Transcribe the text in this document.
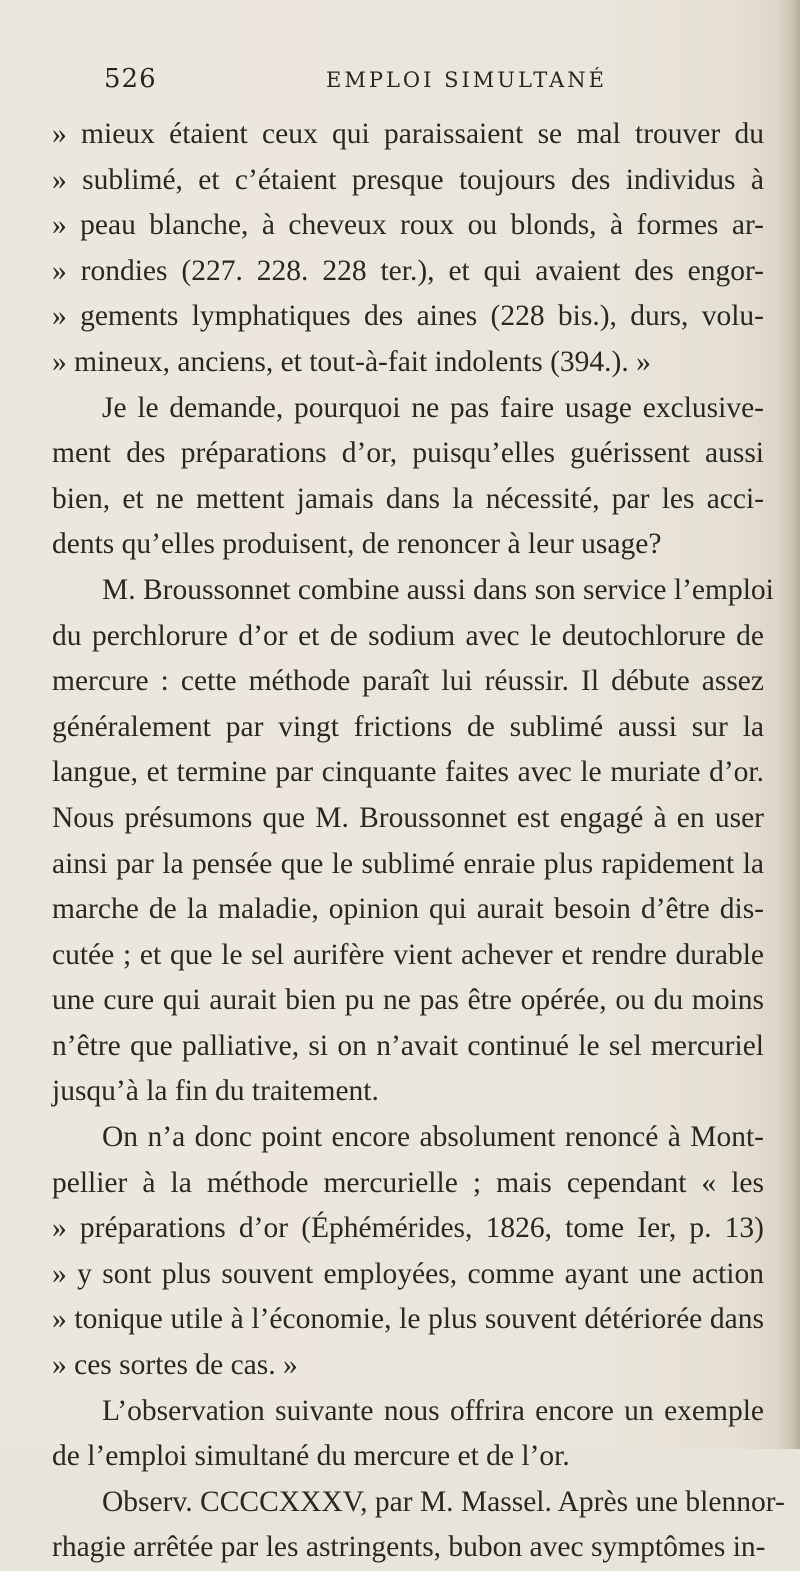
526	EMPLOI SIMULTANÉ
» mieux étaient ceux qui paraissaient se mal trouver du
» sublimé, et c’étaient presque toujours des individus à
» peau blanche, à cheveux roux ou blonds, à formes ar-
» rondies (227. 228. 228 ter.), et qui avaient des engor-
» gements lymphatiques des aines (228 bis.), durs, volu-
» mineux, anciens, et tout-à-fait indolents (394.). »
Je le demande, pourquoi ne pas faire usage exclusive-
ment des préparations d’or, puisqu’elles guérissent aussi
bien, et ne mettent jamais dans la nécessité, par les acci-
dents qu’elles produisent, de renoncer à leur usage?
M. Broussonnet combine aussi dans son service l’emploi
du perchlorure d’or et de sodium avec le deutochlorure de
mercure : cette méthode paraît lui réussir. Il débute assez
généralement par vingt frictions de sublimé aussi sur la
langue, et termine par cinquante faites avec le muriate d’or.
Nous présumons que M. Broussonnet est engagé à en user
ainsi par la pensée que le sublimé enraie plus rapidement la
marche de la maladie, opinion qui aurait besoin d’être dis-
cutée ; et que le sel aurifère vient achever et rendre durable
une cure qui aurait bien pu ne pas être opérée, ou du moins
n’être que palliative, si on n’avait continué le sel mercuriel
jusqu’à la fin du traitement.
On n’a donc point encore absolument renoncé à Mont-
pellier à la méthode mercurielle ; mais cependant « les
» préparations d’or (Éphémérides, 1826, tome Ier, p. 13)
» y sont plus souvent employées, comme ayant une action
» tonique utile à l’économie, le plus souvent détériorée dans
» ces sortes de cas. »
L’observation suivante nous offrira encore un exemple
de l’emploi simultané du mercure et de l’or.
Observ. CCCCXXXV, par M. Massel. Après une blennor-
rhagie arrêtée par les astringents, bubon avec symptômes in-
